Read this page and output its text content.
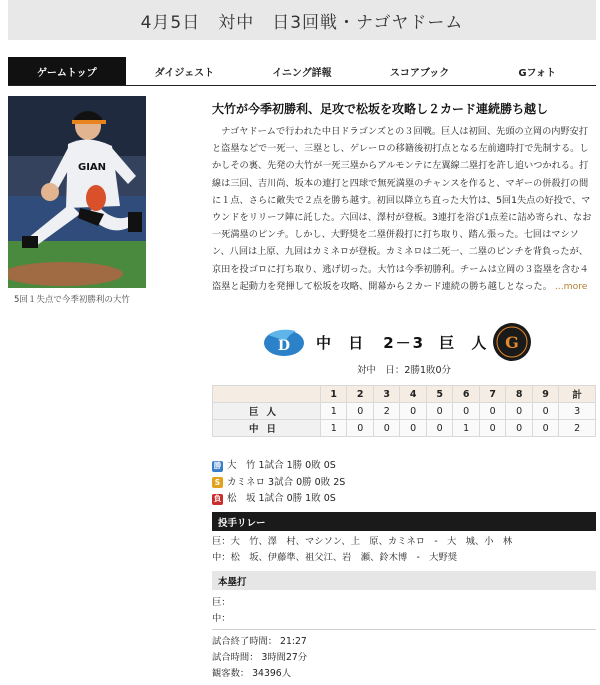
4月5日　対中　日3回戦・ナゴヤドーム
ゲームトップ	ダイジェスト	イニング詳報	スコアブック	Gフォト
GIAN
5回１失点で今季初勝利の大竹
大竹が今季初勝利、足攻で松坂を攻略し２カード連続勝ち越し
ナゴヤドームで行われた中日ドラゴンズとの３回戦。巨人は初回、先頭の立岡の内野安打と盗塁などで一死一、三塁とし、ゲレーロの移籍後初打点となる左前適時打で先制する。しかしその裏、先発の大竹が一死三塁からアルモンテに左翼線二塁打を許し追いつかれる。打線は三回、吉川尚、坂本の連打と四球で無死満塁のチャンスを作ると、マギーの併殺打の間に１点、さらに敵失で２点を勝ち越す。初回以降立ち直った大竹は、5回1失点の好投で、マウンドをリリーフ陣に託した。六回は、澤村が登板。3連打を浴び1点差に詰め寄られ、なお一死満塁のピンチ。しかし、大野奨を二塁併殺打に打ち取り、踏ん張った。七回はマシソン、八回は上原、九回はカミネロが登板。カミネロは二死一、二塁のピンチを背負ったが、京田を投ゴロに打ち取り、逃げ切った。大竹は今季初勝利。チームは立岡の３盗塁を含む４盗塁と起動力を発揮して松坂を攻略、開幕から２カード連続の勝ち越しとなった。 ...more
D 中 日 2－3 巨 人 G
対中　日：2勝1敗0分
	1	2	3	4	5	6	7	8	9	計
巨人	1	0	2	0	0	0	0	0	0	3
中日	1	0	0	0	0	1	0	0	0	2
勝 大　竹 1試合 1勝 0敗 0S
S カミネロ 3試合 0勝 0敗 2S
負 松　坂 1試合 0勝 1敗 0S
投手リレー
巨：大　竹、澤　村、マシソン、上　原、カミネロ　-　大　城、小　林
中：松　坂、伊藤準、祖父江、岩　瀬、鈴木博　-　大野奨
本塁打
巨：
中：
試合終了時間： 21:27
試合時間： 3時間27分
観客数： 34396人
